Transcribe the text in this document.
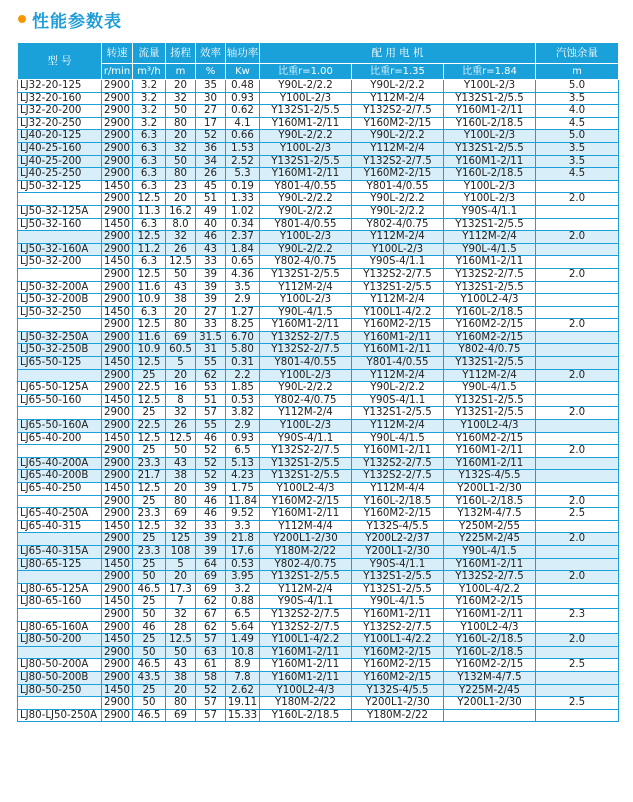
性能参数表
型 号	转速	流量	扬程	效率	轴功率	配 用 电 机			汽蚀余量
	r/min	m³/h	m	%	Kw	比重r=1.00	比重r=1.35	比重r=1.84	m
LJ32-20-125	2900	3.2	20	35	0.48	Y90L-2/2.2	Y90L-2/2.2	Y100L-2/3	5.0
LJ32-20-160	2900	3.2	32	30	0.93	Y100L-2/3	Y112M-2/4	Y132S1-2/5.5	3.5
LJ32-20-200	2900	3.2	50	27	0.62	Y132S1-2/5.5	Y132S2-2/7.5	Y160M1-2/11	4.0
LJ32-20-250	2900	3.2	80	17	4.1	Y160M1-2/11	Y160M2-2/15	Y160L-2/18.5	4.5
LJ40-20-125	2900	6.3	20	52	0.66	Y90L-2/2.2	Y90L-2/2.2	Y100L-2/3	5.0
LJ40-25-160	2900	6.3	32	36	1.53	Y100L-2/3	Y112M-2/4	Y132S1-2/5.5	3.5
LJ40-25-200	2900	6.3	50	34	2.52	Y132S1-2/5.5	Y132S2-2/7.5	Y160M1-2/11	3.5
LJ40-25-250	2900	6.3	80	26	5.3	Y160M1-2/11	Y160M2-2/15	Y160L-2/18.5	4.5
LJ50-32-125	1450	6.3	23	45	0.19	Y801-4/0.55	Y801-4/0.55	Y100L-2/3	
	2900	12.5	20	51	1.33	Y90L-2/2.2	Y90L-2/2.2	Y100L-2/3	2.0
LJ50-32-125A	2900	11.3	16.2	49	1.02	Y90L-2/2.2	Y90L-2/2.2	Y90S-4/1.1	
LJ50-32-160	1450	6.3	8.0	40	0.34	Y801-4/0.55	Y802-4/0.75	Y132S1-2/5.5	
	2900	12.5	32	46	2.37	Y100L-2/3	Y112M-2/4	Y112M-2/4	2.0
LJ50-32-160A	2900	11.2	26	43	1.84	Y90L-2/2.2	Y100L-2/3	Y90L-4/1.5	
LJ50-32-200	1450	6.3	12.5	33	0.65	Y802-4/0.75	Y90S-4/1.1	Y160M1-2/11	
	2900	12.5	50	39	4.36	Y132S1-2/5.5	Y132S2-2/7.5	Y132S2-2/7.5	2.0
LJ50-32-200A	2900	11.6	43	39	3.5	Y112M-2/4	Y132S1-2/5.5	Y132S1-2/5.5	
LJ50-32-200B	2900	10.9	38	39	2.9	Y100L-2/3	Y112M-2/4	Y100L2-4/3	
LJ50-32-250	1450	6.3	20	27	1.27	Y90L-4/1.5	Y100L1-4/2.2	Y160L-2/18.5	
	2900	12.5	80	33	8.25	Y160M1-2/11	Y160M2-2/15	Y160M2-2/15	2.0
LJ50-32-250A	2900	11.6	69	31.5	6.70	Y132S2-2/7.5	Y160M1-2/11	Y160M2-2/15	
LJ50-32-250B	2900	10.9	60.5	31	5.80	Y132S2-2/7.5	Y160M1-2/11	Y802-4/0.75	
LJ65-50-125	1450	12.5	5	55	0.31	Y801-4/0.55	Y801-4/0.55	Y132S1-2/5.5	
	2900	25	20	62	2.2	Y100L-2/3	Y112M-2/4	Y112M-2/4	2.0
LJ65-50-125A	2900	22.5	16	53	1.85	Y90L-2/2.2	Y90L-2/2.2	Y90L-4/1.5	
LJ65-50-160	1450	12.5	8	51	0.53	Y802-4/0.75	Y90S-4/1.1	Y132S1-2/5.5	
	2900	25	32	57	3.82	Y112M-2/4	Y132S1-2/5.5	Y132S1-2/5.5	2.0
LJ65-50-160A	2900	22.5	26	55	2.9	Y100L-2/3	Y112M-2/4	Y100L2-4/3	
LJ65-40-200	1450	12.5	12.5	46	0.93	Y90S-4/1.1	Y90L-4/1.5	Y160M2-2/15	
	2900	25	50	52	6.5	Y132S2-2/7.5	Y160M1-2/11	Y160M1-2/11	2.0
LJ65-40-200A	2900	23.3	43	52	5.13	Y132S1-2/5.5	Y132S2-2/7.5	Y160M1-2/11	
LJ65-40-200B	2900	21.7	38	52	4.23	Y132S1-2/5.5	Y132S2-2/7.5	Y132S-4/5.5	
LJ65-40-250	1450	12.5	20	39	1.75	Y100L2-4/3	Y112M-4/4	Y200L1-2/30	
	2900	25	80	46	11.84	Y160M2-2/15	Y160L-2/18.5	Y160L-2/18.5	2.0
LJ65-40-250A	2900	23.3	69	46	9.52	Y160M1-2/11	Y160M2-2/15	Y132M-4/7.5	2.5
LJ65-40-315	1450	12.5	32	33	3.3	Y112M-4/4	Y132S-4/5.5	Y250M-2/55	
	2900	25	125	39	21.8	Y200L1-2/30	Y200L2-2/37	Y225M-2/45	2.0
LJ65-40-315A	2900	23.3	108	39	17.6	Y180M-2/22	Y200L1-2/30	Y90L-4/1.5	
LJ80-65-125	1450	25	5	64	0.53	Y802-4/0.75	Y90S-4/1.1	Y160M1-2/11	
	2900	50	20	69	3.95	Y132S1-2/5.5	Y132S1-2/5.5	Y132S2-2/7.5	2.0
LJ80-65-125A	2900	46.5	17.3	69	3.2	Y112M-2/4	Y132S1-2/5.5	Y100L-4/2.2	
LJ80-65-160	1450	25	7	62	0.88	Y90S-4/1.1	Y90L-4/1.5	Y160M2-2/15	
	2900	50	32	67	6.5	Y132S2-2/7.5	Y160M1-2/11	Y160M1-2/11	2.3
LJ80-65-160A	2900	46	28	62	5.64	Y132S2-2/7.5	Y132S2-2/7.5	Y100L2-4/3	
LJ80-50-200	1450	25	12.5	57	1.49	Y100L1-4/2.2	Y100L1-4/2.2	Y160L-2/18.5	2.0
	2900	50	50	63	10.8	Y160M1-2/11	Y160M2-2/15	Y160L-2/18.5	
LJ80-50-200A	2900	46.5	43	61	8.9	Y160M1-2/11	Y160M2-2/15	Y160M2-2/15	2.5
LJ80-50-200B	2900	43.5	38	58	7.8	Y160M1-2/11	Y160M2-2/15	Y132M-4/7.5	
LJ80-50-250	1450	25	20	52	2.62	Y100L2-4/3	Y132S-4/5.5	Y225M-2/45	
	2900	50	80	57	19.11	Y180M-2/22	Y200L1-2/30	Y200L1-2/30	2.5
LJ80-LJ50-250A	2900	46.5	69	57	15.33	Y160L-2/18.5	Y180M-2/22		
